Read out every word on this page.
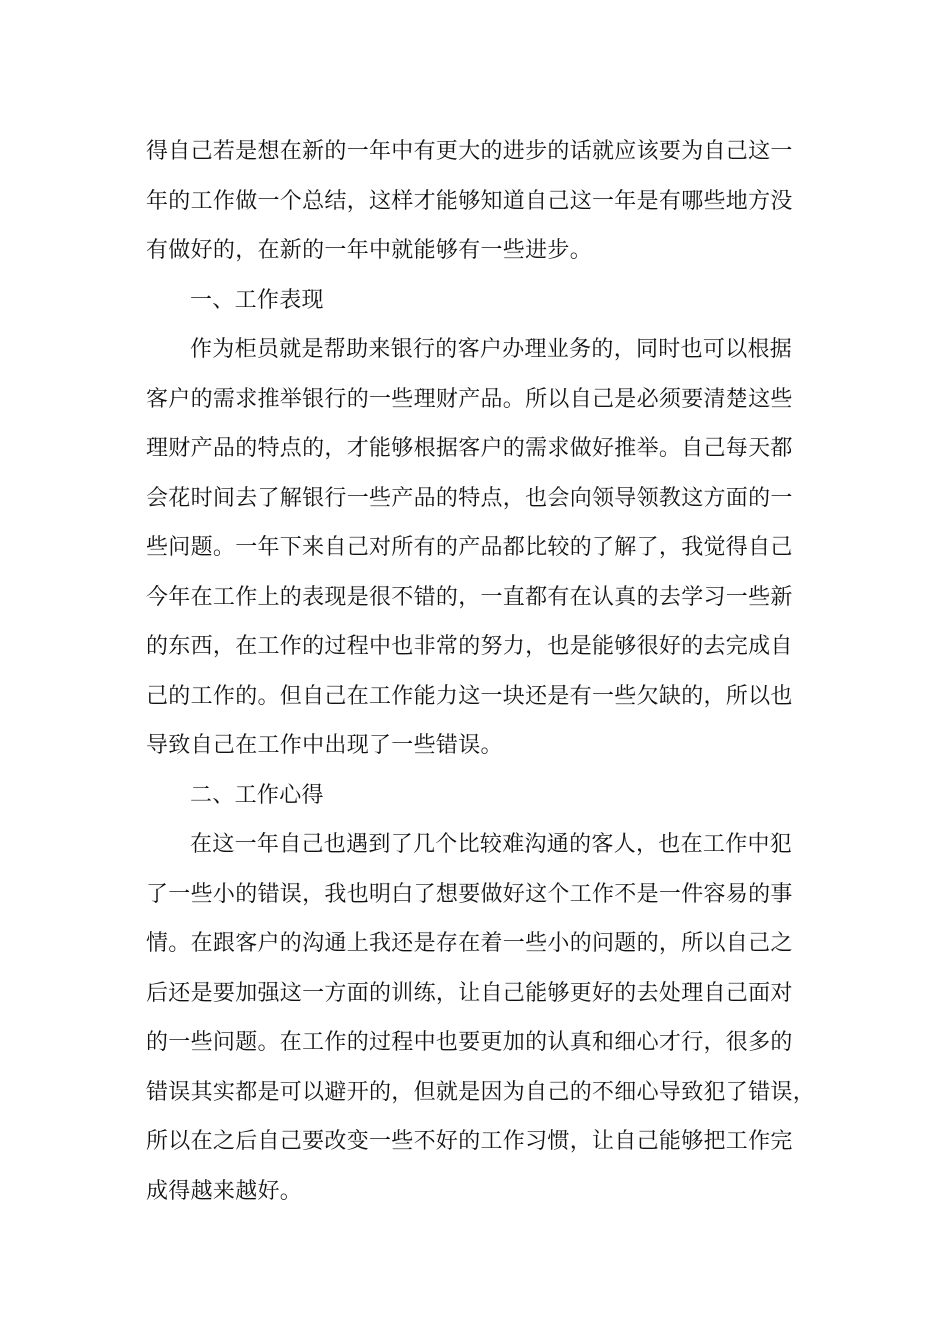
得自己若是想在新的一年中有更大的进步的话就应该要为自己这一
年的工作做一个总结，这样才能够知道自己这一年是有哪些地方没
有做好的，在新的一年中就能够有一些进步。
一、工作表现
作为柜员就是帮助来银行的客户办理业务的，同时也可以根据
客户的需求推举银行的一些理财产品。所以自己是必须要清楚这些
理财产品的特点的，才能够根据客户的需求做好推举。自己每天都
会花时间去了解银行一些产品的特点，也会向领导领教这方面的一
些问题。一年下来自己对所有的产品都比较的了解了，我觉得自己
今年在工作上的表现是很不错的，一直都有在认真的去学习一些新
的东西，在工作的过程中也非常的努力，也是能够很好的去完成自
己的工作的。但自己在工作能力这一块还是有一些欠缺的，所以也
导致自己在工作中出现了一些错误。
二、工作心得
在这一年自己也遇到了几个比较难沟通的客人，也在工作中犯
了一些小的错误，我也明白了想要做好这个工作不是一件容易的事
情。在跟客户的沟通上我还是存在着一些小的问题的，所以自己之
后还是要加强这一方面的训练，让自己能够更好的去处理自己面对
的一些问题。在工作的过程中也要更加的认真和细心才行，很多的
错误其实都是可以避开的，但就是因为自己的不细心导致犯了错误，
所以在之后自己要改变一些不好的工作习惯，让自己能够把工作完
成得越来越好。
